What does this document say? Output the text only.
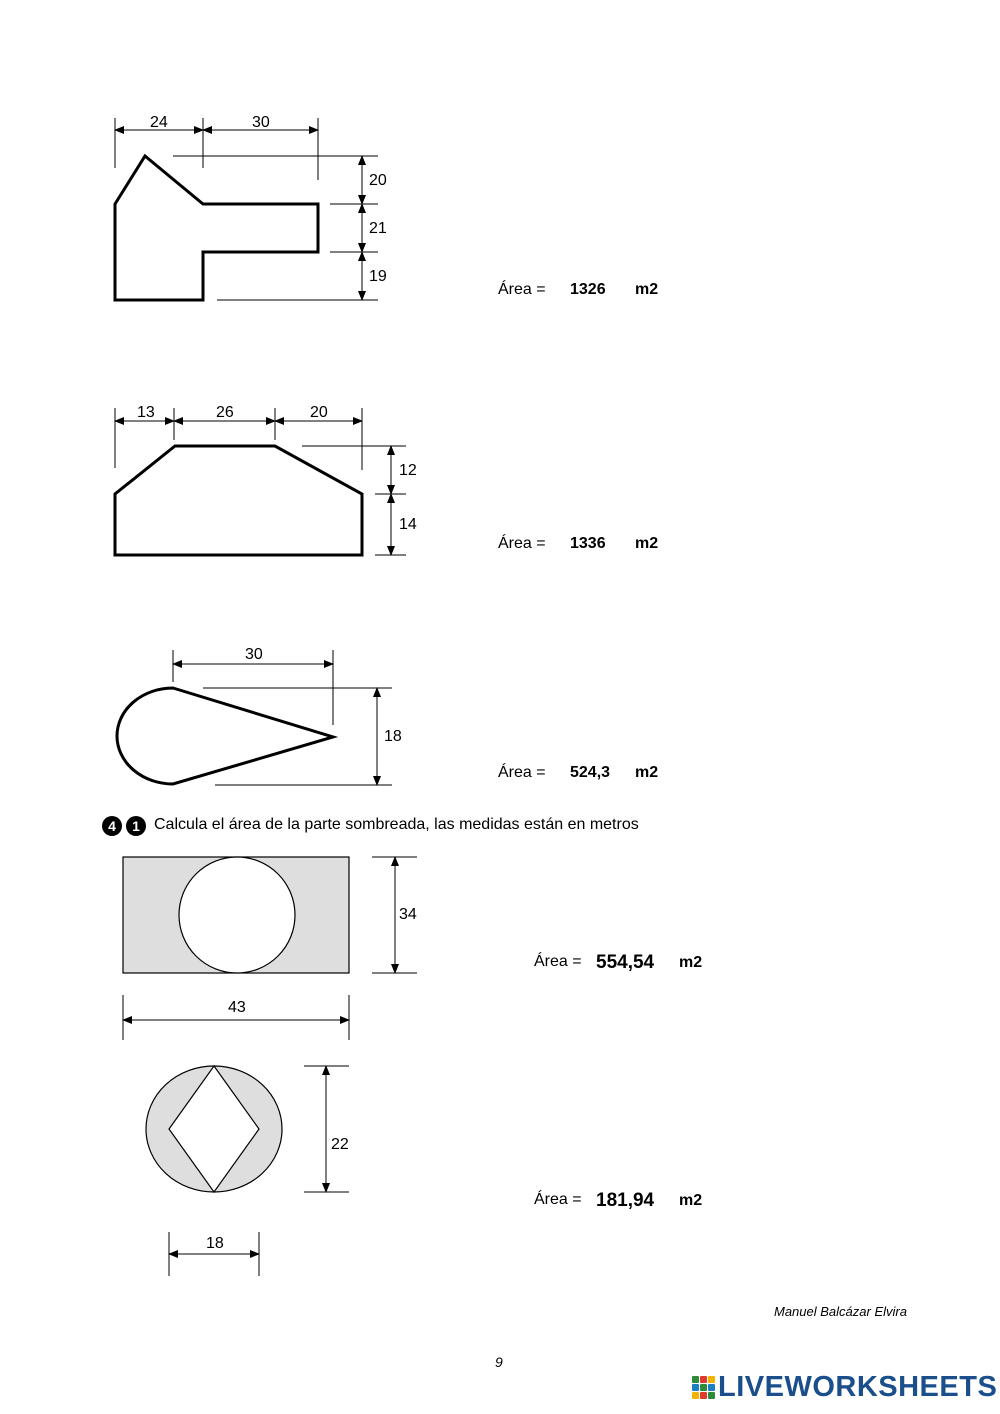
24	30
20
21
19
Área = 1326 m2
13	26	20
12
14
Área = 1336 m2
30
18
Área = 524,3 m2
4	1 Calcula el área de la parte sombreada, las medidas están en metros
34
43
Área = 554,54 m2
22
18
Área = 181,94 m2
Manuel Balcázar Elvira
9
LIVEWORKSHEETS
